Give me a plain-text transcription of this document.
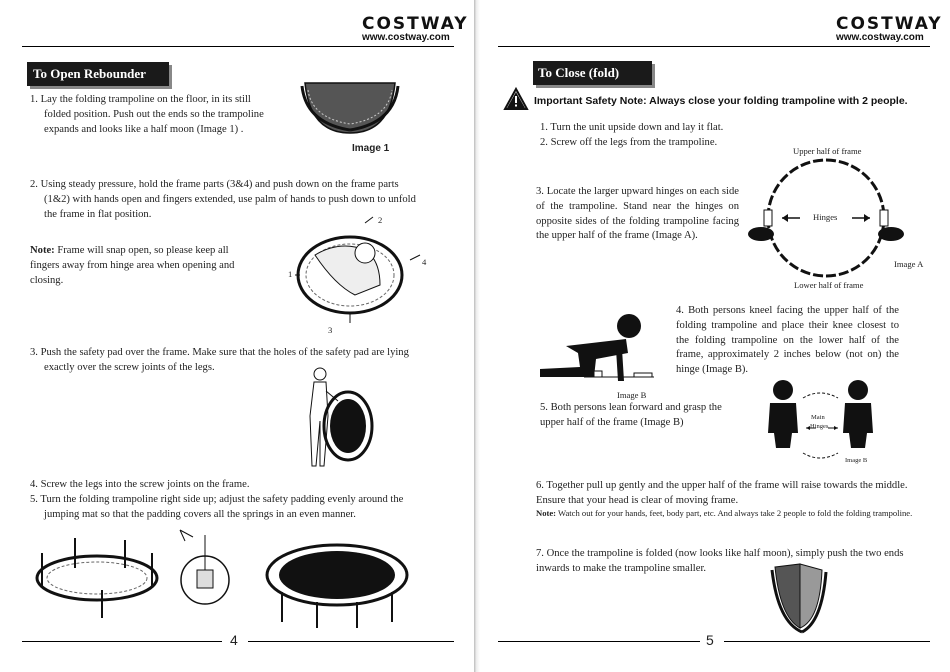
COSTWAY
www.costway.com
To Open Rebounder
1. Lay the folding trampoline on the floor, in its still folded position. Push out the ends so the trampoline expands and looks like a half moon (Image 1) .
Image 1
2. Using steady pressure, hold the frame parts (3&4) and push down on the frame parts (1&2) with hands open and fingers extended, use palm of hands to push down to unfold the frame in flat position.
Note: Frame will snap open, so please keep all fingers away from hinge area when opening and closing.
1
2
3
4
3. Push the safety pad over the frame. Make sure that the holes of the safety pad are lying exactly over the screw joints of the legs.
4. Screw the legs into the screw joints on the frame.
5. Turn the folding trampoline right side up; adjust the safety padding evenly around the jumping mat so that the padding covers all the springs in an even manner.
4
COSTWAY
www.costway.com
To Close (fold)
Important Safety Note: Always close your folding trampoline with 2 people.
1. Turn the unit upside down and lay it flat.
2. Screw off the legs from the trampoline.
3. Locate the larger upward hinges on each side of the trampoline. Stand near the hinges on opposite sides of the folding trampoline facing the upper half of the frame (Image A).
Upper half of frame
Hinges
Image A
Lower half of frame
4. Both persons kneel facing the upper half of the folding trampoline and place their knee closest to the folding trampoline on the lower half of the frame, approximately 2 inches below (not on) the hinge (Image B).
Image B
5. Both persons lean forward and grasp the upper half of the frame (Image B)	Main
Hinges
Image B
6. Together pull up gently and the upper half of the frame will raise towards the middle. Ensure that your head is clear of moving frame.
Note: Watch out for your hands, feet, body part, etc. And always take 2 people to fold the folding trampoline.
7. Once the trampoline is folded (now looks like half moon), simply push the two ends inwards to make the trampoline smaller.
5
